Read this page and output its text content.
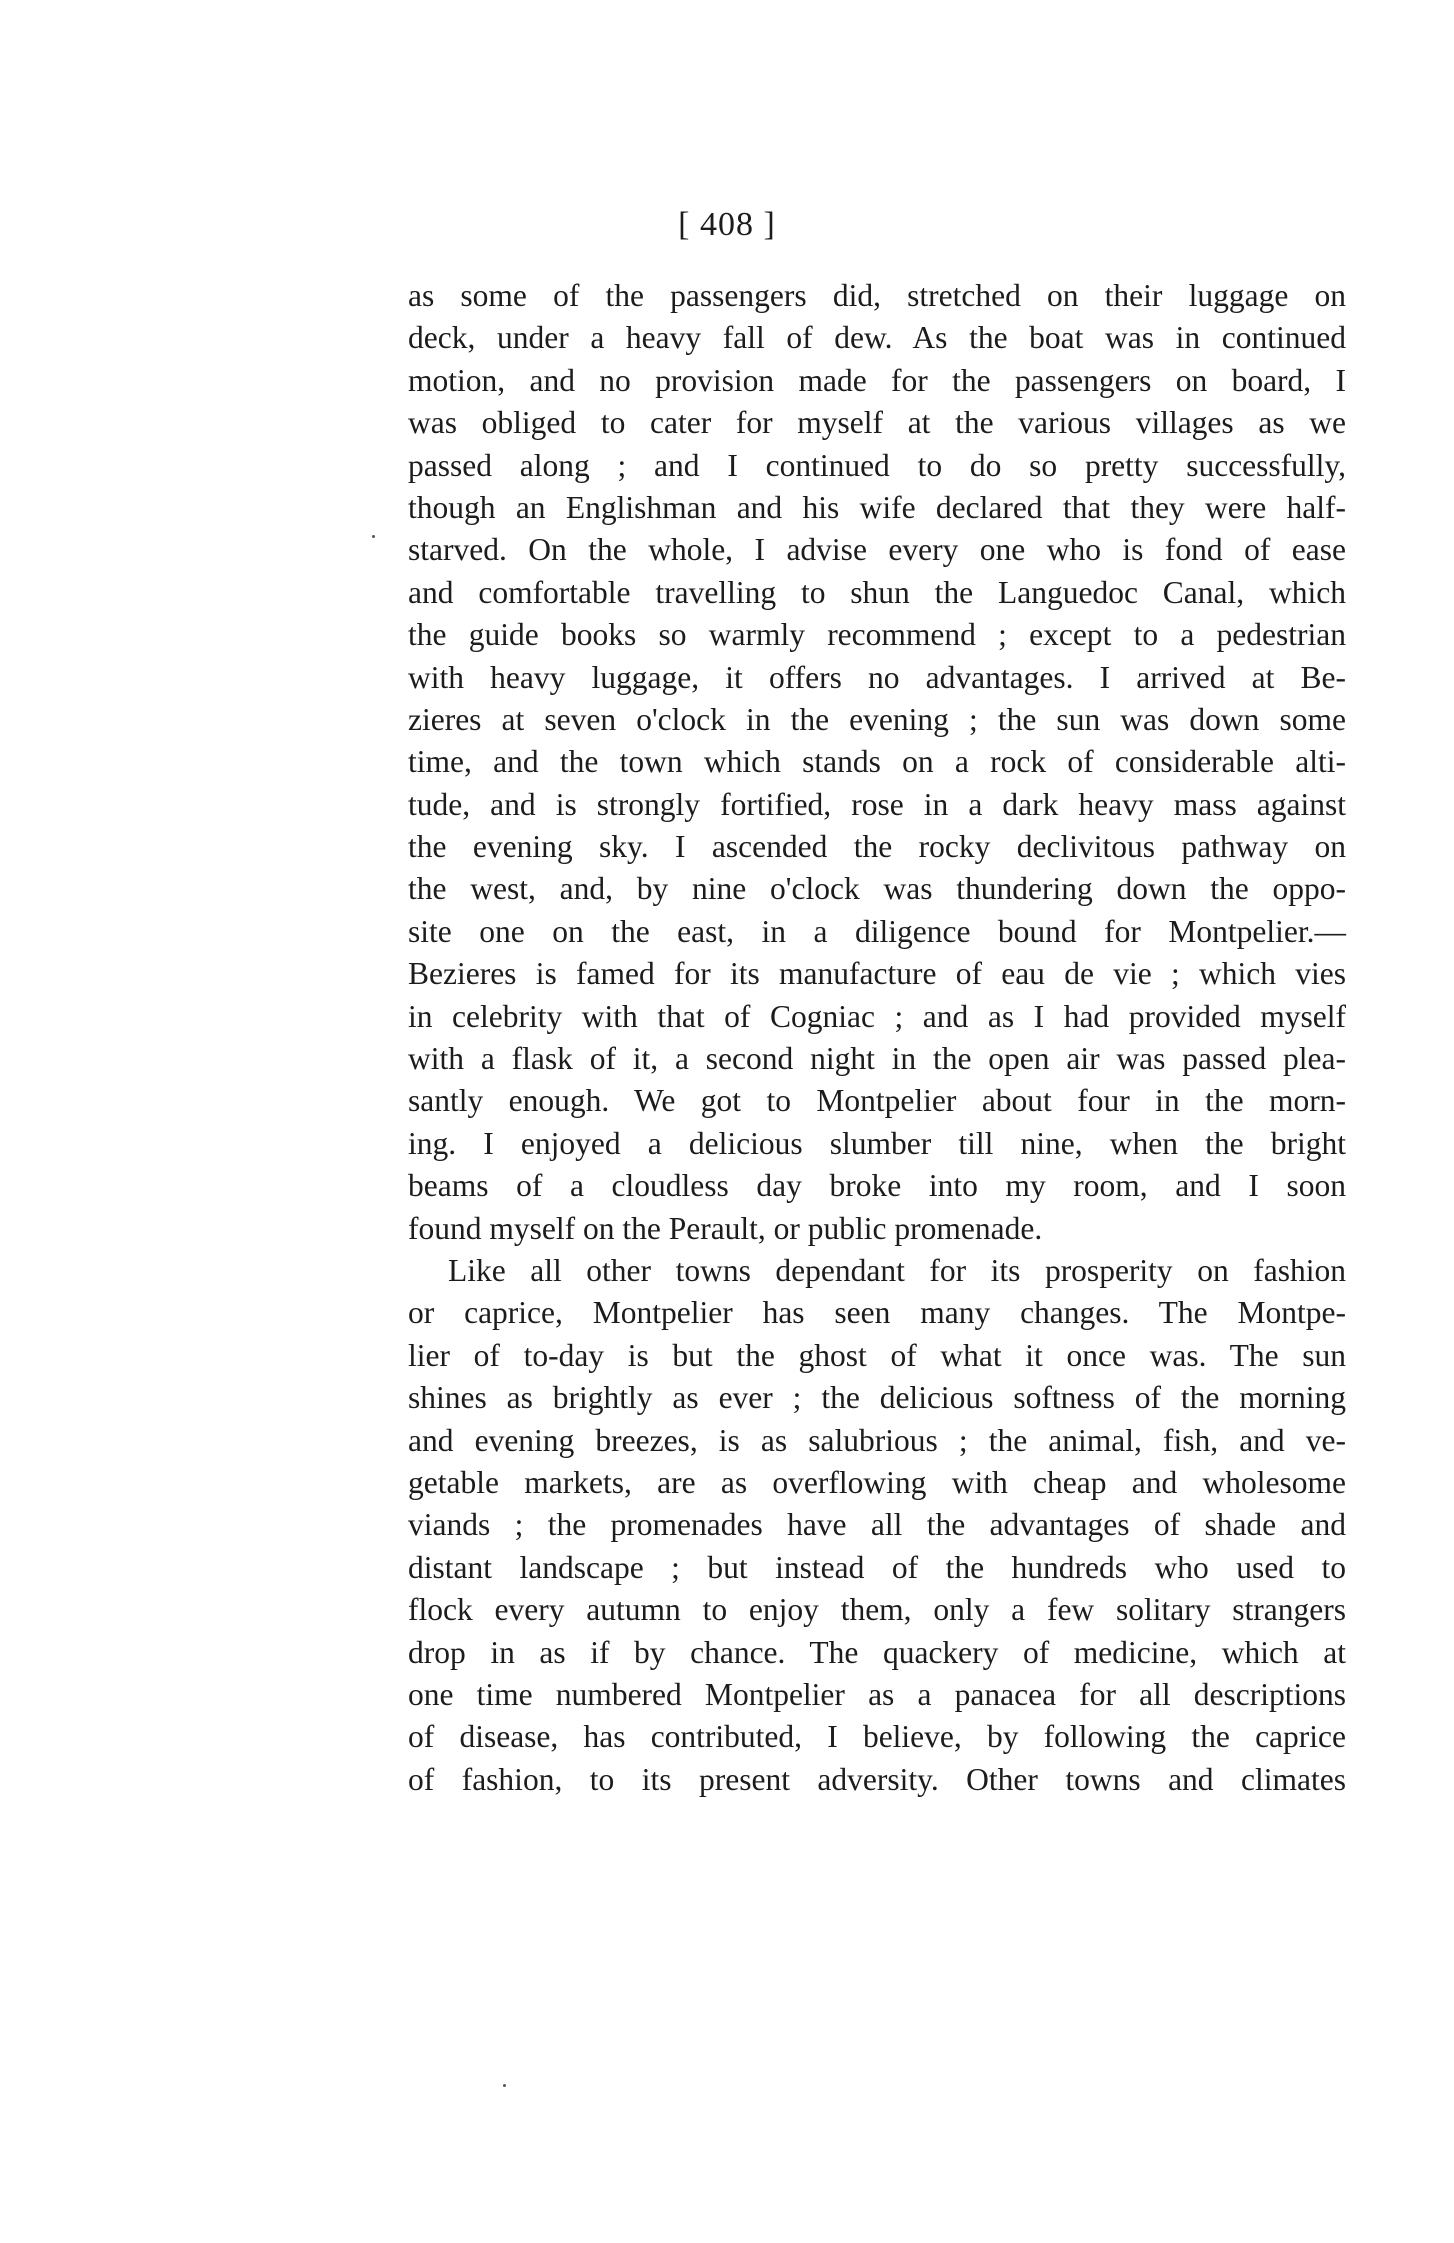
[ 408 ]
as some of the passengers did, stretched on their luggage on
deck, under a heavy fall of dew. As the boat was in continued
motion, and no provision made for the passengers on board, I
was obliged to cater for myself at the various villages as we
passed along ; and I continued to do so pretty successfully,
though an Englishman and his wife declared that they were half-
starved. On the whole, I advise every one who is fond of ease
and comfortable travelling to shun the Languedoc Canal, which
the guide books so warmly recommend ; except to a pedestrian
with heavy luggage, it offers no advantages. I arrived at Be-
zieres at seven o'clock in the evening ; the sun was down some
time, and the town which stands on a rock of considerable alti-
tude, and is strongly fortified, rose in a dark heavy mass against
the evening sky. I ascended the rocky declivitous pathway on
the west, and, by nine o'clock was thundering down the oppo-
site one on the east, in a diligence bound for Montpelier.—
Bezieres is famed for its manufacture of eau de vie ; which vies
in celebrity with that of Cogniac ; and as I had provided myself
with a flask of it, a second night in the open air was passed plea-
santly enough. We got to Montpelier about four in the morn-
ing. I enjoyed a delicious slumber till nine, when the bright
beams of a cloudless day broke into my room, and I soon
found myself on the Perault, or public promenade.
Like all other towns dependant for its prosperity on fashion
or caprice, Montpelier has seen many changes. The Montpe-
lier of to-day is but the ghost of what it once was. The sun
shines as brightly as ever ; the delicious softness of the morning
and evening breezes, is as salubrious ; the animal, fish, and ve-
getable markets, are as overflowing with cheap and wholesome
viands ; the promenades have all the advantages of shade and
distant landscape ; but instead of the hundreds who used to
flock every autumn to enjoy them, only a few solitary strangers
drop in as if by chance. The quackery of medicine, which at
one time numbered Montpelier as a panacea for all descriptions
of disease, has contributed, I believe, by following the caprice
of fashion, to its present adversity. Other towns and climates
